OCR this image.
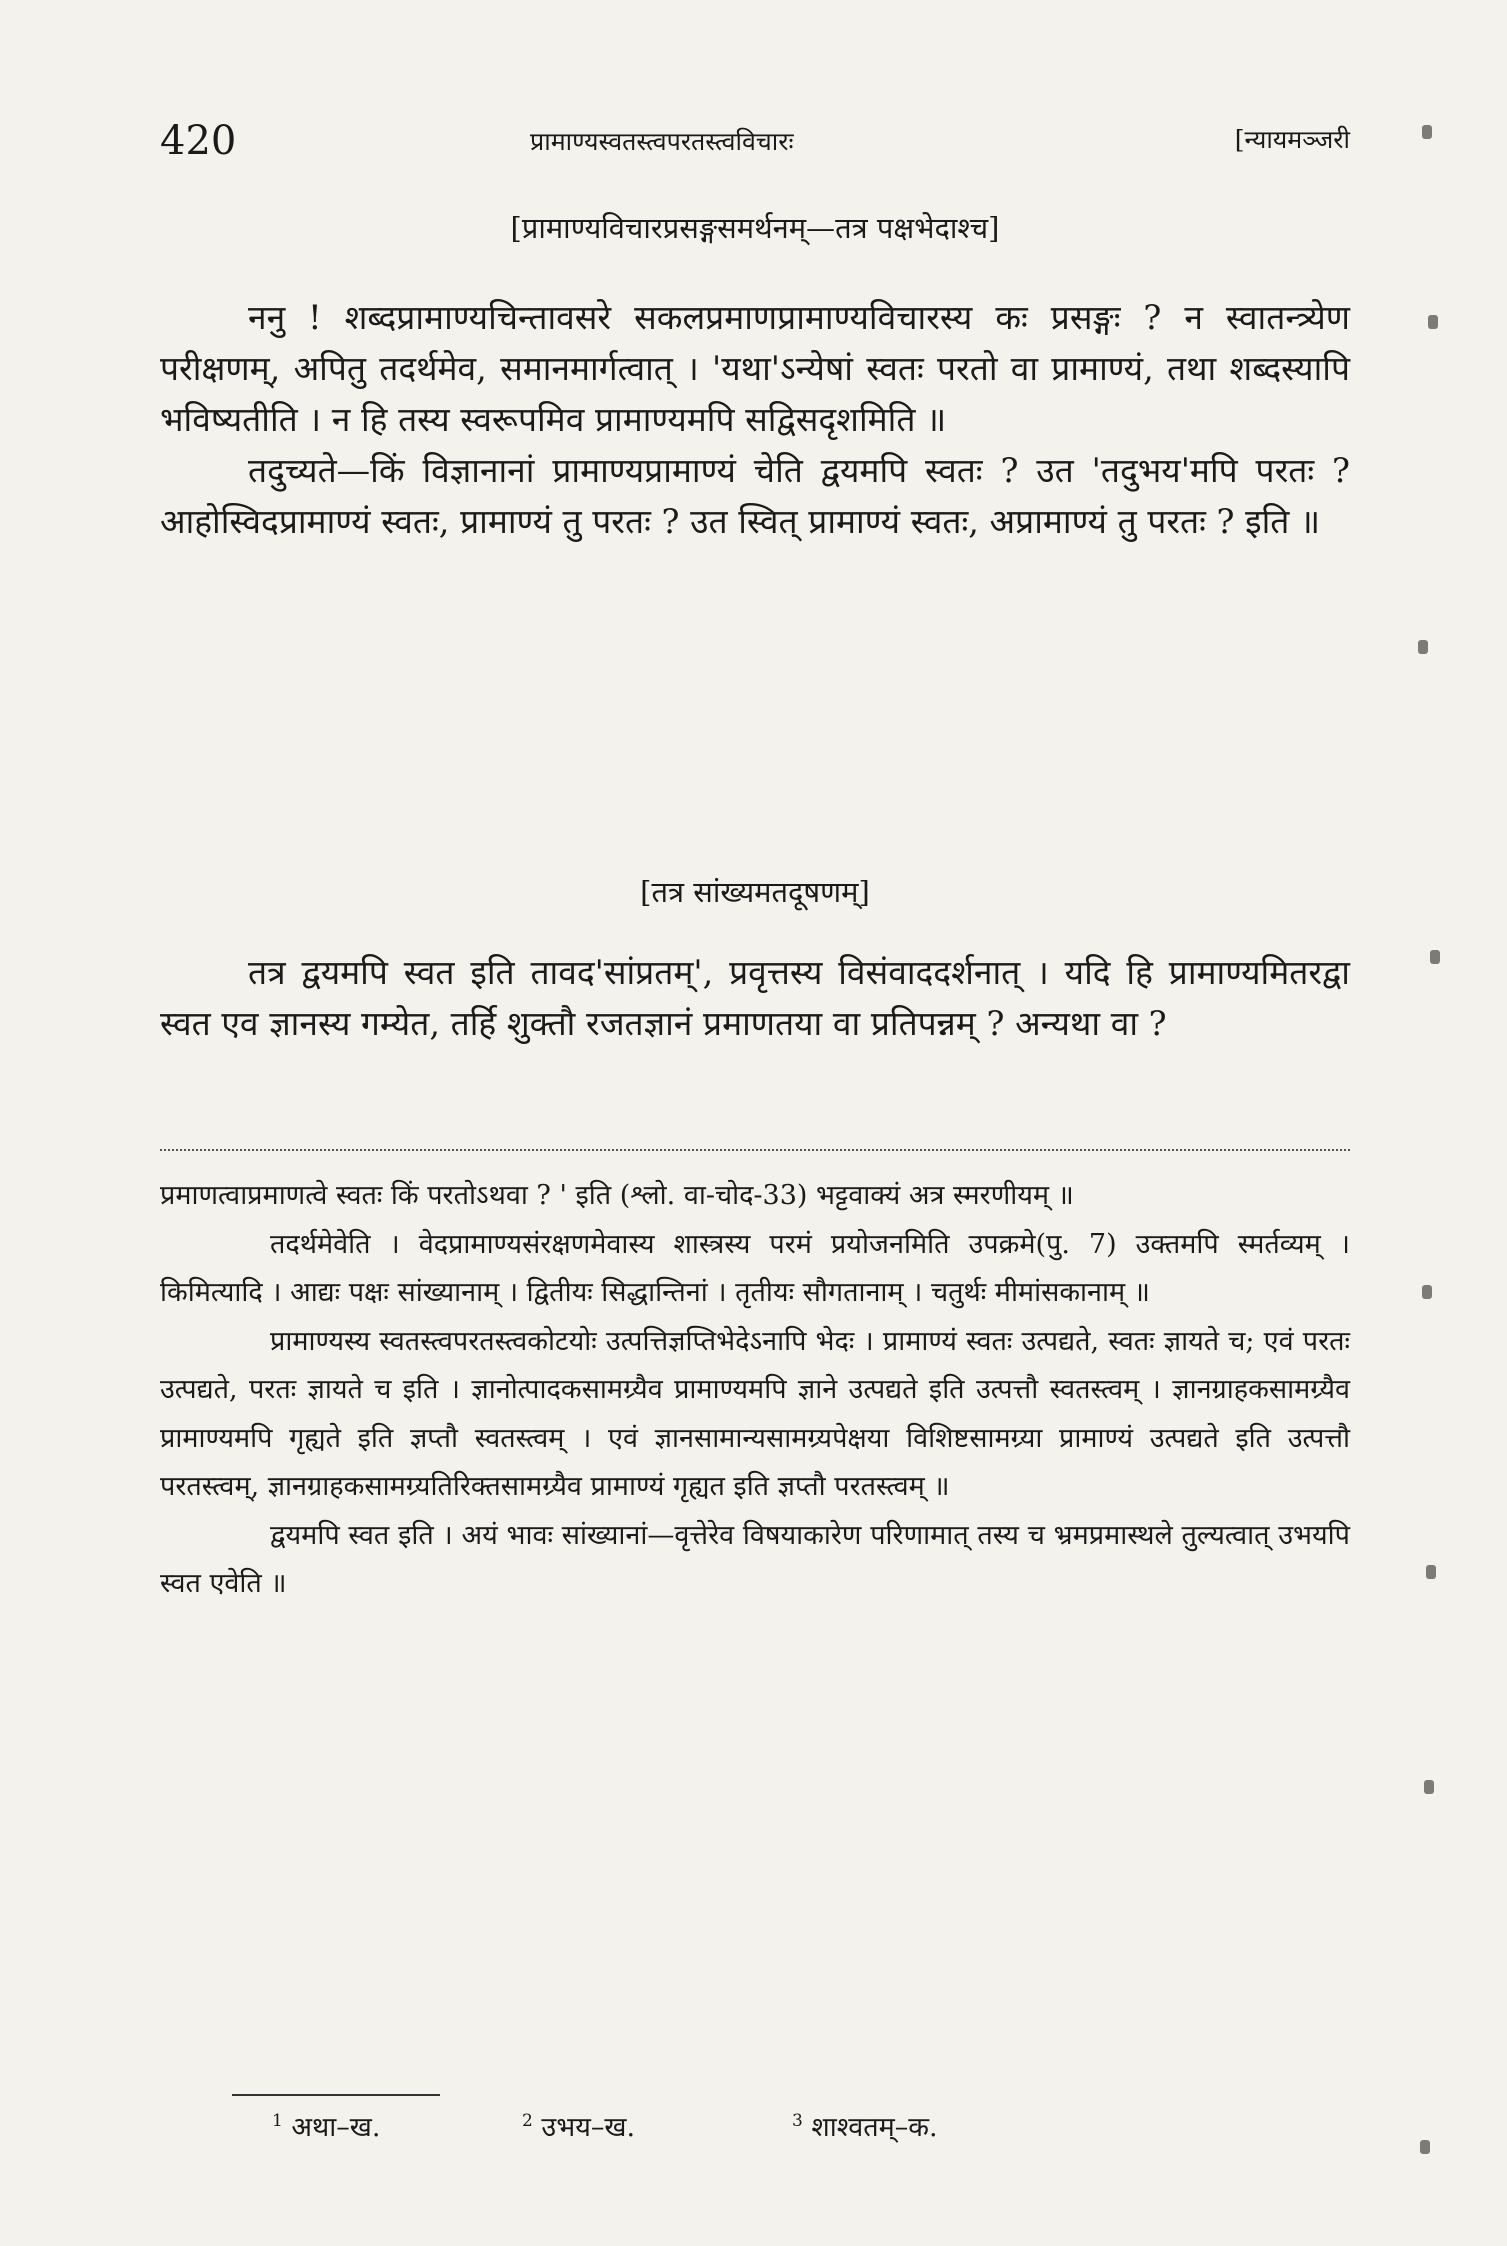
420	प्रामाण्यस्वतस्त्वपरतस्त्वविचारः	[न्यायमञ्जरी
[प्रामाण्यविचारप्रसङ्गसमर्थनम्—तत्र पक्षभेदाश्च]

ननु ! शब्दप्रामाण्यचिन्तावसरे सकलप्रमाणप्रामाण्यविचारस्य कः प्रसङ्गः ? न स्वातन्त्र्येण परीक्षणम्, अपितु तदर्थमेव, समानमार्गत्वात् । 'यथा'ऽन्येषां स्वतः परतो वा प्रामाण्यं, तथा शब्दस्यापि भविष्यतीति । न हि तस्य स्वरूपमिव प्रामाण्यमपि सद्विसदृशमिति ॥

तदुच्यते—किं विज्ञानानां प्रामाण्यप्रामाण्यं चेति द्वयमपि स्वतः ? उत 'तदुभय'मपि परतः ? आहोस्विदप्रामाण्यं स्वतः, प्रामाण्यं तु परतः ? उत स्वित् प्रामाण्यं स्वतः, अप्रामाण्यं तु परतः ? इति ॥

[तत्र सांख्यमतदूषणम्]

तत्र द्वयमपि स्वत इति तावद'सांप्रतम्', प्रवृत्तस्य विसंवाददर्शनात् । यदि हि प्रामाण्यमितरद्वा स्वत एव ज्ञानस्य गम्येत, तर्हि शुक्तौ रजतज्ञानं प्रमाणतया वा प्रतिपन्नम् ? अन्यथा वा ?

प्रमाणत्वाप्रमाणत्वे स्वतः किं परतोऽथवा ? ' इति (श्लो. वा-चोद-33) भट्टवाक्यं अत्र स्मरणीयम् ॥

तदर्थमेवेति । वेदप्रामाण्यसंरक्षणमेवास्य शास्त्रस्य परमं प्रयोजनमिति उपक्रमे(पु. 7) उक्तमपि स्मर्तव्यम् । किमित्यादि । आद्यः पक्षः सांख्यानाम् । द्वितीयः सिद्धान्तिनां । तृतीयः सौगतानाम् । चतुर्थः मीमांसकानाम् ॥

प्रामाण्यस्य स्वतस्त्वपरतस्त्वकोटयोः उत्पत्तिज्ञप्तिभेदेऽनापि भेदः । प्रामाण्यं स्वतः उत्पद्यते, स्वतः ज्ञायते च; एवं परतः उत्पद्यते, परतः ज्ञायते च इति । ज्ञानोत्पादकसामग्र्यैव प्रामाण्यमपि ज्ञाने उत्पद्यते इति उत्पत्तौ स्वतस्त्वम् । ज्ञानग्राहकसामग्र्यैव प्रामाण्यमपि गृह्यते इति ज्ञप्तौ स्वतस्त्वम् । एवं ज्ञानसामान्यसामग्र्यपेक्षया विशिष्टसामग्र्या प्रामाण्यं उत्पद्यते इति उत्पत्तौ परतस्त्वम्, ज्ञानग्राहकसामग्र्यतिरिक्तसामग्र्यैव प्रामाण्यं गृह्यत इति ज्ञप्तौ परतस्त्वम् ॥

द्वयमपि स्वत इति । अयं भावः सांख्यानां—वृत्तेरेव विषयाकारेण परिणामात् तस्य च भ्रमप्रमास्थले तुल्यत्वात् उभयपि स्वत एवेति ॥

$^1$ अथा–ख.	$^2$ उभय–ख.	$^3$ शाश्वतम्–क.
